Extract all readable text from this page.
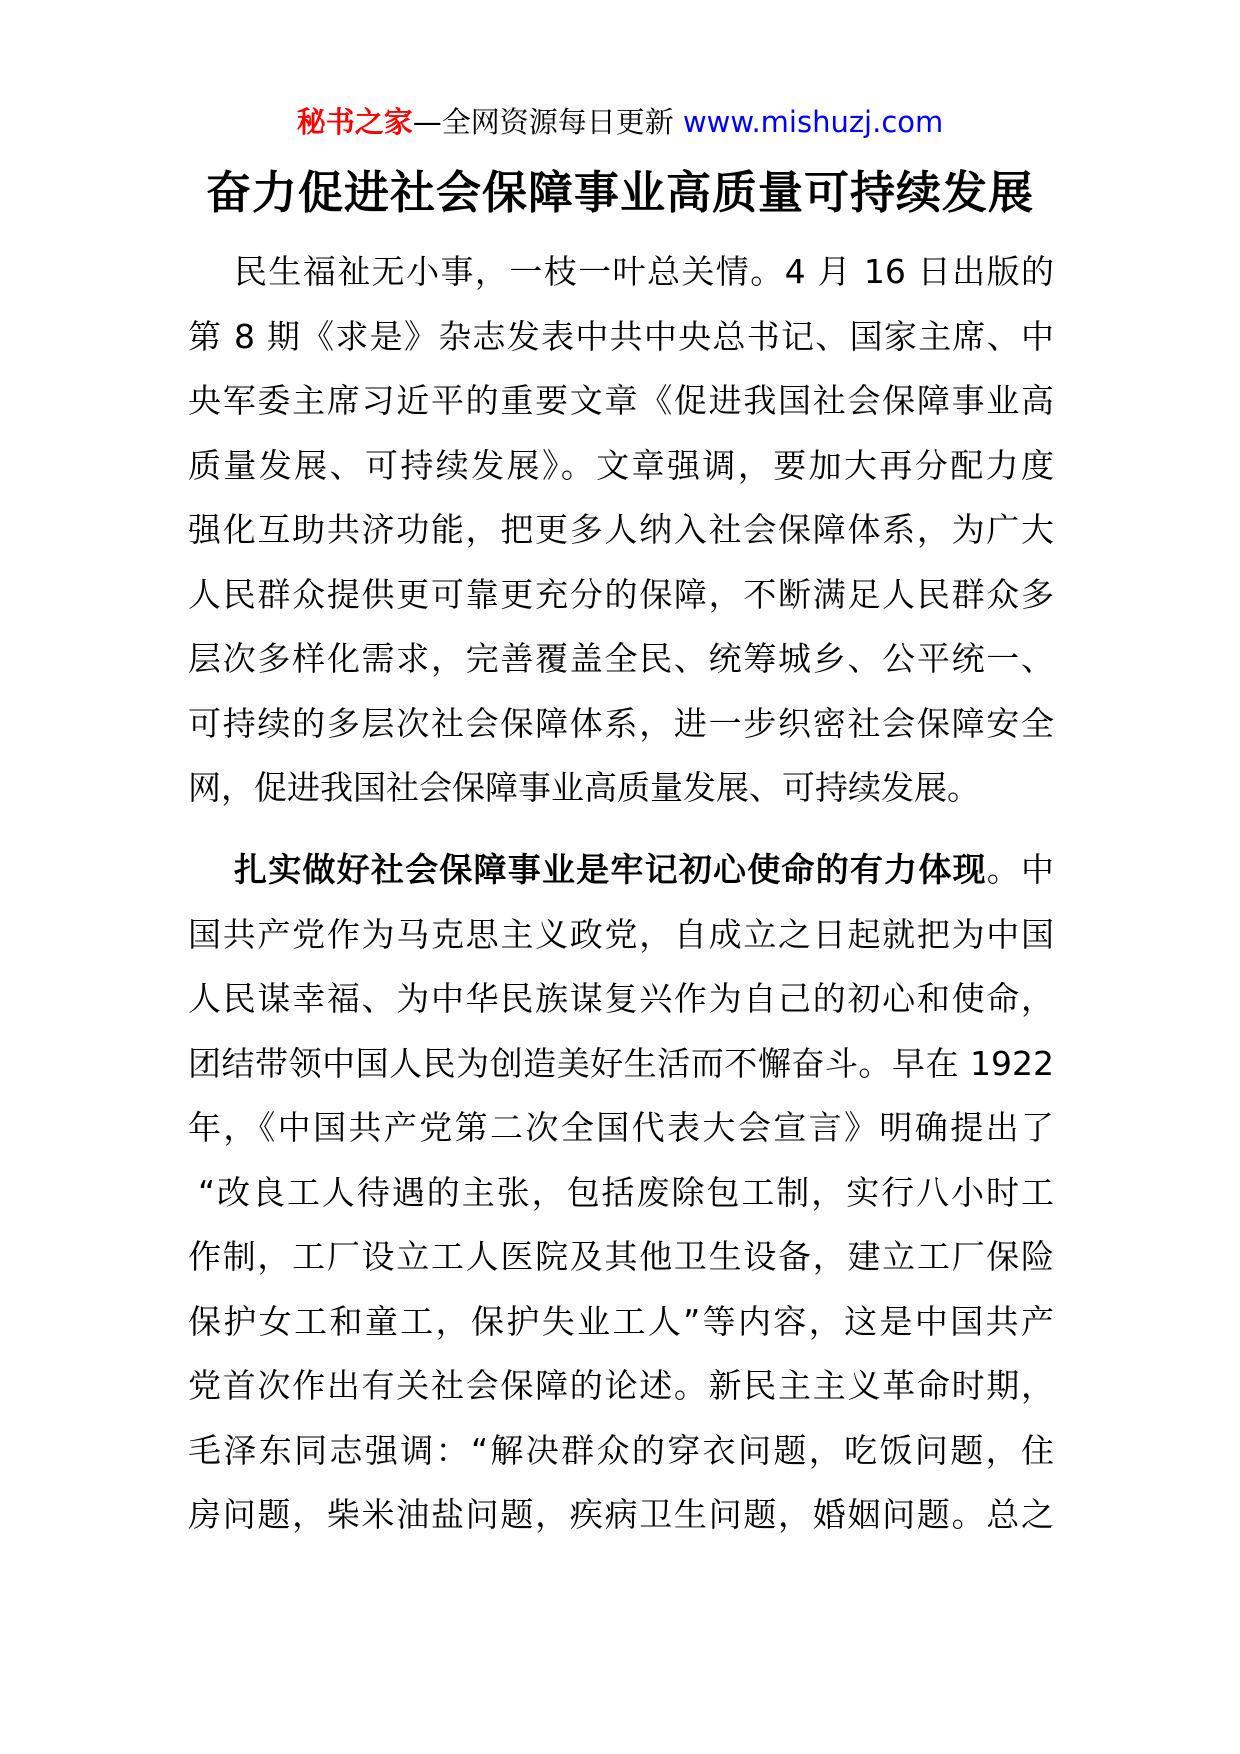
秘书之家—全网资源每日更新 www.mishuzj.com
奋力促进社会保障事业高质量可持续发展
民生福祉无小事，一枝一叶总关情。4 月 16 日出版的
第 8 期《求是》杂志发表中共中央总书记、国家主席、中
央军委主席习近平的重要文章《促进我国社会保障事业高
质量发展、可持续发展》。文章强调，要加大再分配力度
强化互助共济功能，把更多人纳入社会保障体系，为广大
人民群众提供更可靠更充分的保障，不断满足人民群众多
层次多样化需求，完善覆盖全民、统筹城乡、公平统一、
可持续的多层次社会保障体系，进一步织密社会保障安全
网，促进我国社会保障事业高质量发展、可持续发展。
扎实做好社会保障事业是牢记初心使命的有力体现。中
国共产党作为马克思主义政党，自成立之日起就把为中国
人民谋幸福、为中华民族谋复兴作为自己的初心和使命，
团结带领中国人民为创造美好生活而不懈奋斗。早在 1922
年，《中国共产党第二次全国代表大会宣言》明确提出了
“改良工人待遇的主张，包括废除包工制，实行八小时工
作制，工厂设立工人医院及其他卫生设备，建立工厂保险
保护女工和童工，保护失业工人”等内容，这是中国共产
党首次作出有关社会保障的论述。新民主主义革命时期，
毛泽东同志强调：“解决群众的穿衣问题，吃饭问题，住
房问题，柴米油盐问题，疾病卫生问题，婚姻问题。总之
